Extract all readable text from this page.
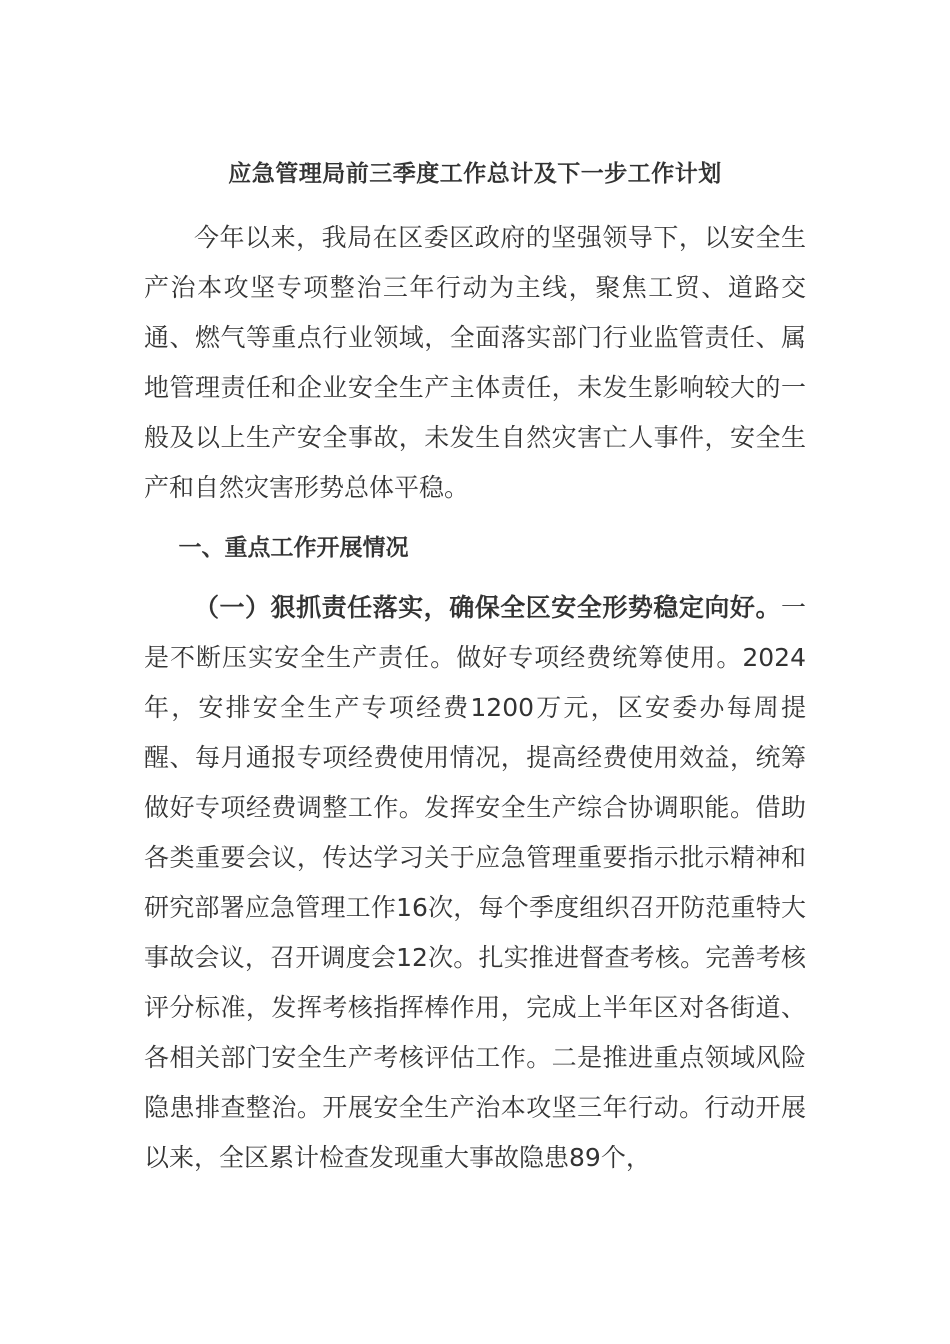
应急管理局前三季度工作总计及下一步工作计划

今年以来，我局在区委区政府的坚强领导下，以安全生产治本攻坚专项整治三年行动为主线，聚焦工贸、道路交通、燃气等重点行业领域，全面落实部门行业监管责任、属地管理责任和企业安全生产主体责任，未发生影响较大的一般及以上生产安全事故，未发生自然灾害亡人事件，安全生产和自然灾害形势总体平稳。

一、重点工作开展情况

（一）狠抓责任落实，确保全区安全形势稳定向好。一是不断压实安全生产责任。做好专项经费统筹使用。2024年，安排安全生产专项经费1200万元，区安委办每周提醒、每月通报专项经费使用情况，提高经费使用效益，统筹做好专项经费调整工作。发挥安全生产综合协调职能。借助各类重要会议，传达学习关于应急管理重要指示批示精神和研究部署应急管理工作16次，每个季度组织召开防范重特大事故会议，召开调度会12次。扎实推进督查考核。完善考核评分标准，发挥考核指挥棒作用，完成上半年区对各街道、各相关部门安全生产考核评估工作。二是推进重点领域风险隐患排查整治。开展安全生产治本攻坚三年行动。行动开展以来，全区累计检查发现重大事故隐患89个，
